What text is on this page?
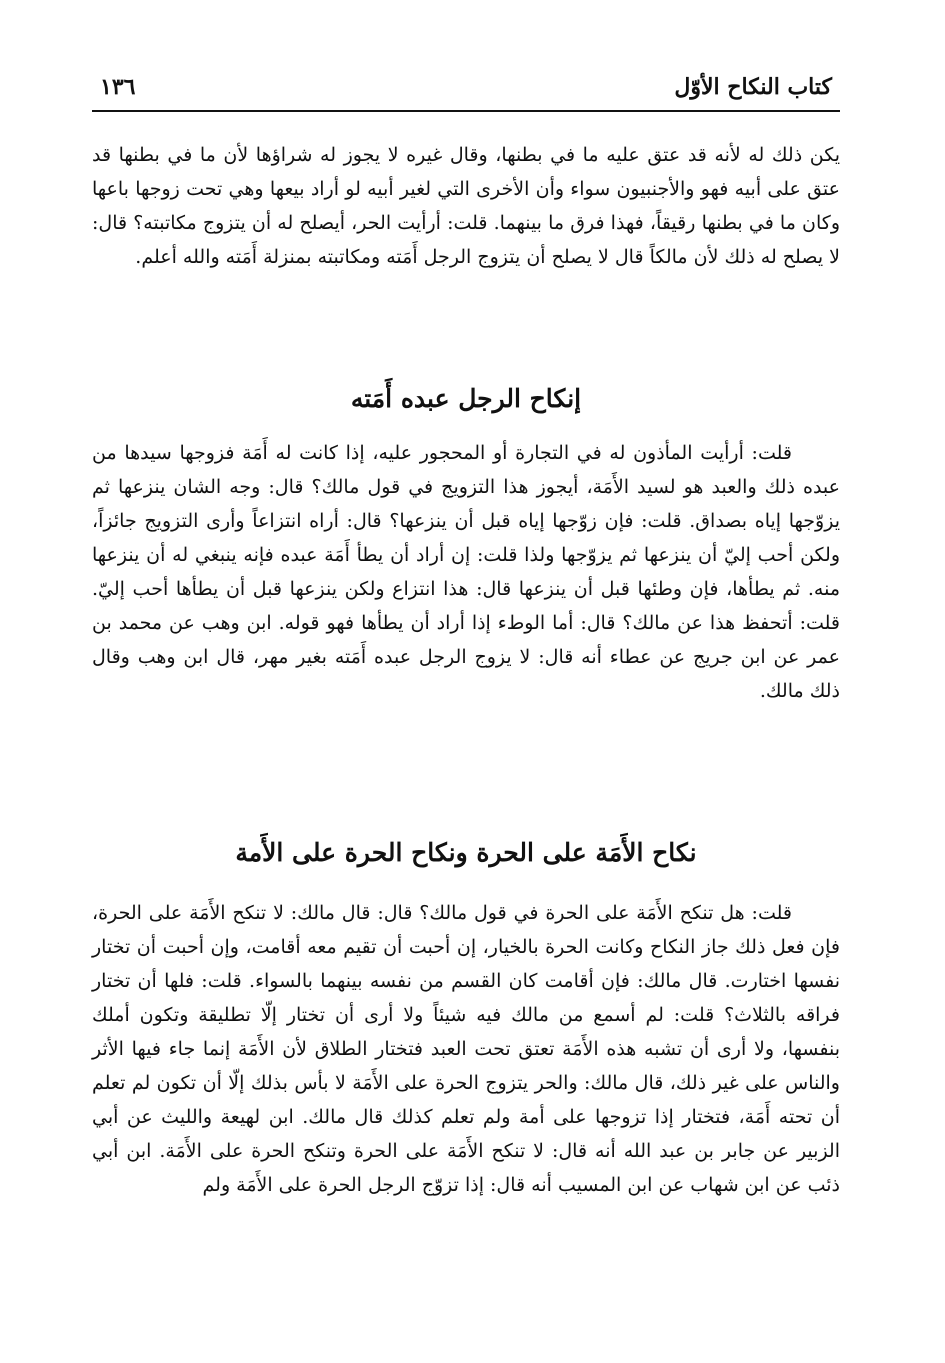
كتاب النكاح الأوّل
١٣٦

يكن ذلك له لأنه قد عتق عليه ما في بطنها، وقال غيره لا يجوز له شراؤها لأن ما في بطنها قد عتق على أبيه فهو والأجنبيون سواء وأن الأخرى التي لغير أبيه لو أراد بيعها وهي تحت زوجها باعها وكان ما في بطنها رقيقاً، فهذا فرق ما بينهما. قلت: أرأيت الحر، أيصلح له أن يتزوج مكاتبته؟ قال: لا يصلح له ذلك لأن مالكاً قال لا يصلح أن يتزوج الرجل أَمَته ومكاتبته بمنزلة أَمَته والله أعلم.

إنكاح الرجل عبده أَمَته

قلت: أرأيت المأذون له في التجارة أو المحجور عليه، إذا كانت له أَمَة فزوجها سيدها من عبده ذلك والعبد هو لسيد الأَمَة، أيجوز هذا التزويج في قول مالك؟ قال: وجه الشان ينزعها ثم يزوّجها إياه بصداق. قلت: فإن زوّجها إياه قبل أن ينزعها؟ قال: أراه انتزاعاً وأرى التزويج جائزاً، ولكن أحب إليّ أن ينزعها ثم يزوّجها ولذا قلت: إن أراد أن يطأ أَمَة عبده فإنه ينبغي له أن ينزعها منه. ثم يطأها، فإن وطئها قبل أن ينزعها قال: هذا انتزاع ولكن ينزعها قبل أن يطأها أحب إليّ. قلت: أتحفظ هذا عن مالك؟ قال: أما الوطء إذا أراد أن يطأها فهو قوله. ابن وهب عن محمد بن عمر عن ابن جريج عن عطاء أنه قال: لا يزوج الرجل عبده أَمَته بغير مهر، قال ابن وهب وقال ذلك مالك.

نكاح الأَمَة على الحرة ونكاح الحرة على الأَمة

قلت: هل تنكح الأَمَة على الحرة في قول مالك؟ قال: قال مالك: لا تنكح الأَمَة على الحرة، فإن فعل ذلك جاز النكاح وكانت الحرة بالخيار، إن أحبت أن تقيم معه أقامت، وإن أحبت أن تختار نفسها اختارت. قال مالك: فإن أقامت كان القسم من نفسه بينهما بالسواء. قلت: فلها أن تختار فراقه بالثلاث؟ قلت: لم أسمع من مالك فيه شيئاً ولا أرى أن تختار إلّا تطليقة وتكون أملك بنفسها، ولا أرى أن تشبه هذه الأَمَة تعتق تحت العبد فتختار الطلاق لأن الأَمَة إنما جاء فيها الأثر والناس على غير ذلك، قال مالك: والحر يتزوج الحرة على الأَمَة لا بأس بذلك إلّا أن تكون لم تعلم أن تحته أَمَة، فتختار إذا تزوجها على أمة ولم تعلم كذلك قال مالك. ابن لهيعة والليث عن أبي الزبير عن جابر بن عبد الله أنه قال: لا تنكح الأَمَة على الحرة وتنكح الحرة على الأَمَة. ابن أبي ذئب عن ابن شهاب عن ابن المسيب أنه قال: إذا تزوّج الرجل الحرة على الأَمَة ولم
